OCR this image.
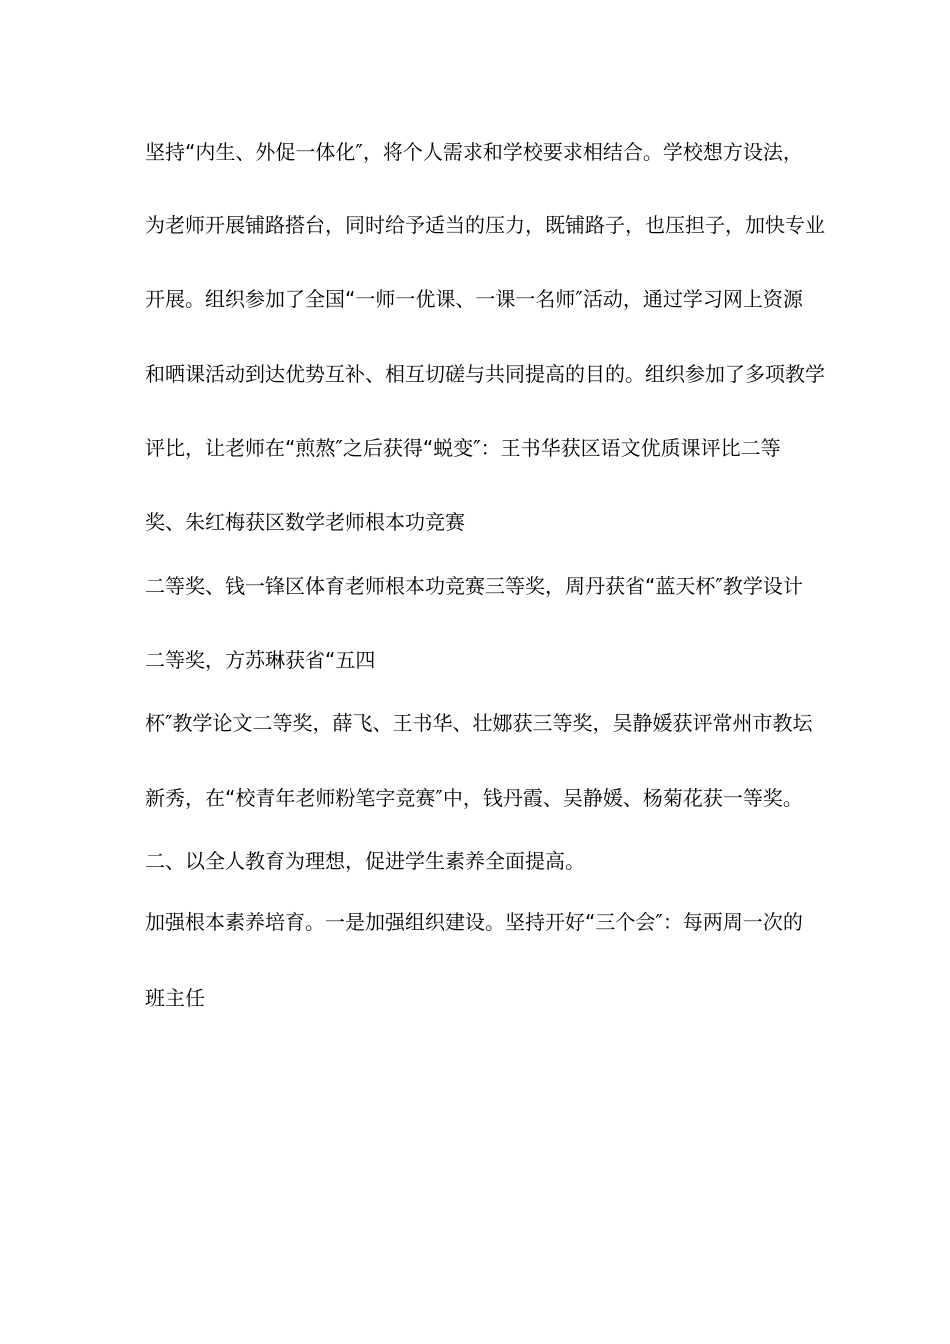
坚持“内生、外促一体化″，将个人需求和学校要求相结合。学校想方设法，
为老师开展铺路搭台，同时给予适当的压力，既铺路子，也压担子，加快专业
开展。组织参加了全国“一师一优课、一课一名师″活动，通过学习网上资源
和晒课活动到达优势互补、相互切磋与共同提高的目的。组织参加了多项教学
评比，让老师在“煎熬″之后获得“蜕变″：王书华获区语文优质课评比二等
奖、朱红梅获区数学老师根本功竞赛
二等奖、钱一锋区体育老师根本功竞赛三等奖，周丹获省“蓝天杯″教学设计
二等奖，方苏琳获省“五四
杯″教学论文二等奖，薛飞、王书华、壮娜获三等奖，吴静媛获评常州市教坛
新秀，在“校青年老师粉笔字竞赛″中，钱丹霞、吴静媛、杨菊花获一等奖。
二、以全人教育为理想，促进学生素养全面提高。
加强根本素养培育。一是加强组织建设。坚持开好“三个会″：每两周一次的
班主任
